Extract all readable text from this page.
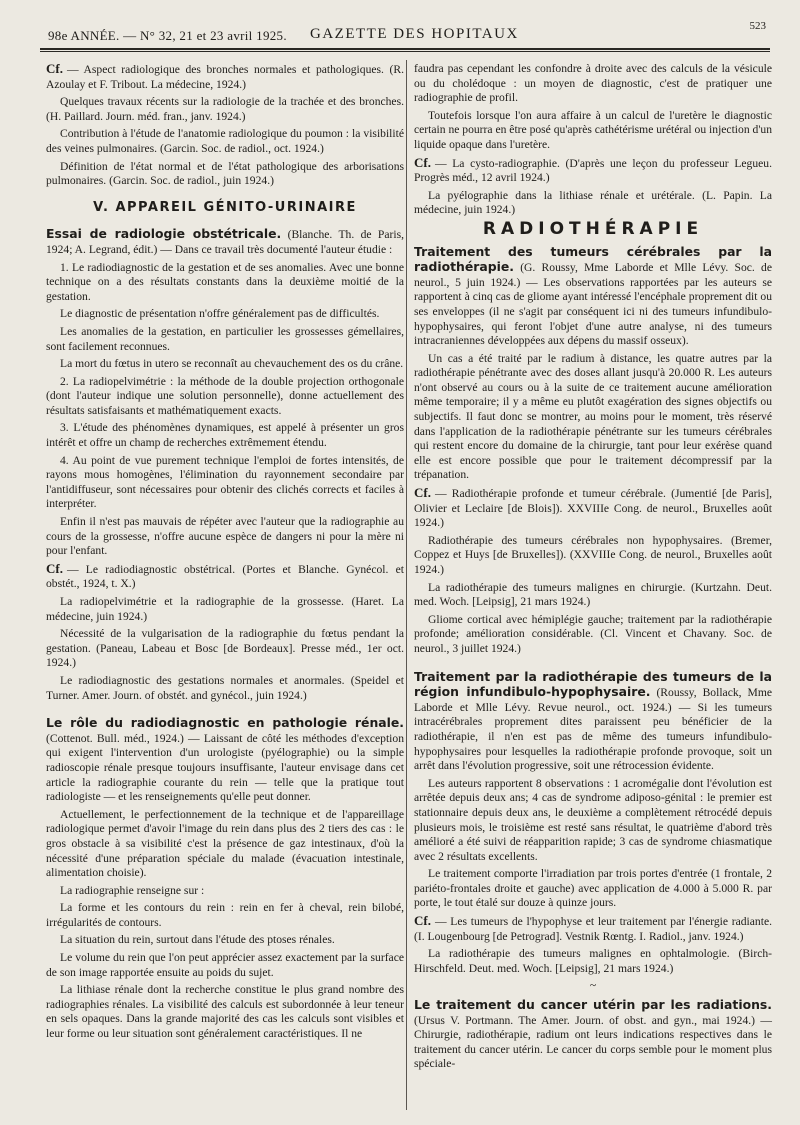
98e ANNÉE. — N° 32, 21 et 23 avril 1925. GAZETTE DES HOPITAUX	523

Cf. — Aspect radiologique des bronches normales et pathologiques. (R. Azoulay et F. Tribout. La médecine, 1924.)

Quelques travaux récents sur la radiologie de la trachée et des bronches. (H. Paillard. Journ. méd. fran., janv. 1924.)

Contribution à l'étude de l'anatomie radiologique du poumon : la visibilité des veines pulmonaires. (Garcin. Soc. de radiol., oct. 1924.)

Définition de l'état normal et de l'état pathologique des arborisations pulmonaires. (Garcin. Soc. de radiol., juin 1924.)

V. APPAREIL GÉNITO-URINAIRE

Essai de radiologie obstétricale. (Blanche. Th. de Paris, 1924; A. Legrand, édit.) — Dans ce travail très documenté l'auteur étudie :

1. Le radiodiagnostic de la gestation et de ses anomalies. Avec une bonne technique on a des résultats constants dans la deuxième moitié de la gestation.

Le diagnostic de présentation n'offre généralement pas de difficultés.

Les anomalies de la gestation, en particulier les grossesses gémellaires, sont facilement reconnues.

La mort du fœtus in utero se reconnaît au chevauchement des os du crâne.

2. La radiopelvimétrie : la méthode de la double projection orthogonale (dont l'auteur indique une solution personnelle), donne actuellement des résultats satisfaisants et mathématiquement exacts.

3. L'étude des phénomènes dynamiques, est appelé à présenter un gros intérêt et offre un champ de recherches extrêmement étendu.

4. Au point de vue purement technique l'emploi de fortes intensités, de rayons mous homogènes, l'élimination du rayonnement secondaire par l'antidiffuseur, sont nécessaires pour obtenir des clichés corrects et faciles à interpréter.

Enfin il n'est pas mauvais de répéter avec l'auteur que la radiographie au cours de la grossesse, n'offre aucune espèce de dangers ni pour la mère ni pour l'enfant.

Cf. — Le radiodiagnostic obstétrical. (Portes et Blanche. Gynécol. et obstét., 1924, t. X.)

La radiopelvimétrie et la radiographie de la grossesse. (Haret. La médecine, juin 1924.)

Nécessité de la vulgarisation de la radiographie du fœtus pendant la gestation. (Paneau, Labeau et Bosc [de Bordeaux]. Presse méd., 1er oct. 1924.)

Le radiodiagnostic des gestations normales et anormales. (Speidel et Turner. Amer. Journ. of obstét. and gynécol., juin 1924.)

Le rôle du radiodiagnostic en pathologie rénale. (Cottenot. Bull. méd., 1924.) — Laissant de côté les méthodes d'exception qui exigent l'intervention d'un urologiste (pyélographie) ou la simple radioscopie rénale presque toujours insuffisante, l'auteur envisage dans cet article la radiographie courante du rein — telle que la pratique tout radiologiste — et les renseignements qu'elle peut donner.

Actuellement, le perfectionnement de la technique et de l'appareillage radiologique permet d'avoir l'image du rein dans plus des 2 tiers des cas : le gros obstacle à sa visibilité c'est la présence de gaz intestinaux, d'où la nécessité d'une préparation spéciale du malade (évacuation intestinale, alimentation choisie).

La radiographie renseigne sur :

La forme et les contours du rein : rein en fer à cheval, rein bilobé, irrégularités de contours.

La situation du rein, surtout dans l'étude des ptoses rénales.

Le volume du rein que l'on peut apprécier assez exactement par la surface de son image rapportée ensuite au poids du sujet.

La lithiase rénale dont la recherche constitue le plus grand nombre des radiographies rénales. La visibilité des calculs est subordonnée à leur teneur en sels opaques. Dans la grande majorité des cas les calculs sont visibles et leur forme ou leur situation sont généralement caractéristiques. Il ne

faudra pas cependant les confondre à droite avec des calculs de la vésicule ou du cholédoque : un moyen de diagnostic, c'est de pratiquer une radiographie de profil.

Toutefois lorsque l'on aura affaire à un calcul de l'uretère le diagnostic certain ne pourra en être posé qu'après cathétérisme urétéral ou injection d'un liquide opaque dans l'uretère.

Cf. — La cysto-radiographie. (D'après une leçon du professeur Legueu. Progrès méd., 12 avril 1924.)

La pyélographie dans la lithiase rénale et urétérale. (L. Papin. La médecine, juin 1924.)

RADIOTHÉRAPIE

Traitement des tumeurs cérébrales par la radiothérapie. (G. Roussy, Mme Laborde et Mlle Lévy. Soc. de neurol., 5 juin 1924.) — Les observations rapportées par les auteurs se rapportent à cinq cas de gliome ayant intéressé l'encéphale proprement dit ou ses enveloppes (il ne s'agit par conséquent ici ni des tumeurs infundibulo-hypophysaires, qui feront l'objet d'une autre analyse, ni des tumeurs intracraniennes développées aux dépens du massif osseux).

Un cas a été traité par le radium à distance, les quatre autres par la radiothérapie pénétrante avec des doses allant jusqu'à 20.000 R. Les auteurs n'ont observé au cours ou à la suite de ce traitement aucune amélioration même temporaire; il y a même eu plutôt exagération des signes objectifs ou subjectifs. Il faut donc se montrer, au moins pour le moment, très réservé dans l'application de la radiothérapie pénétrante sur les tumeurs cérébrales qui restent encore du domaine de la chirurgie, tant pour leur exérèse quand elle est encore possible que pour le traitement décompressif par la trépanation.

Cf. — Radiothérapie profonde et tumeur cérébrale. (Jumentié [de Paris], Olivier et Leclaire [de Blois]). XXVIIIe Cong. de neurol., Bruxelles août 1924.)

Radiothérapie des tumeurs cérébrales non hypophysaires. (Bremer, Coppez et Huys [de Bruxelles]). (XXVIIIe Cong. de neurol., Bruxelles août 1924.)

La radiothérapie des tumeurs malignes en chirurgie. (Kurtzahn. Deut. med. Woch. [Leipsig], 21 mars 1924.)

Gliome cortical avec hémiplégie gauche; traitement par la radiothérapie profonde; amélioration considérable. (Cl. Vincent et Chavany. Soc. de neurol., 3 juillet 1924.)

Traitement par la radiothérapie des tumeurs de la région infundibulo-hypophysaire. (Roussy, Bollack, Mme Laborde et Mlle Lévy. Revue neurol., oct. 1924.) — Si les tumeurs intracérébrales proprement dites paraissent peu bénéficier de la radiothérapie, il n'en est pas de même des tumeurs infundibulo-hypophysaires pour lesquelles la radiothérapie profonde provoque, soit un arrêt dans l'évolution progressive, soit une rétrocession évidente.

Les auteurs rapportent 8 observations : 1 acromégalie dont l'évolution est arrêtée depuis deux ans; 4 cas de syndrome adiposo-génital : le premier est stationnaire depuis deux ans, le deuxième a complètement rétrocédé depuis plusieurs mois, le troisième est resté sans résultat, le quatrième d'abord très amélioré a été suivi de réapparition rapide; 3 cas de syndrome chiasmatique avec 2 résultats excellents.

Le traitement comporte l'irradiation par trois portes d'entrée (1 frontale, 2 pariéto-frontales droite et gauche) avec application de 4.000 à 5.000 R. par porte, le tout étalé sur douze à quinze jours.

Cf. — Les tumeurs de l'hypophyse et leur traitement par l'énergie radiante. (I. Lougenbourg [de Petrograd]. Vestnik Rœntg. I. Radiol., janv. 1924.)

La radiothérapie des tumeurs malignes en ophtalmologie. (Birch-Hirschfeld. Deut. med. Woch. [Leipsig], 21 mars 1924.)

~

Le traitement du cancer utérin par les radiations. (Ursus V. Portmann. The Amer. Journ. of obst. and gyn., mai 1924.) — Chirurgie, radiothérapie, radium ont leurs indications respectives dans le traitement du cancer utérin. Le cancer du corps semble pour le moment plus spéciale-
